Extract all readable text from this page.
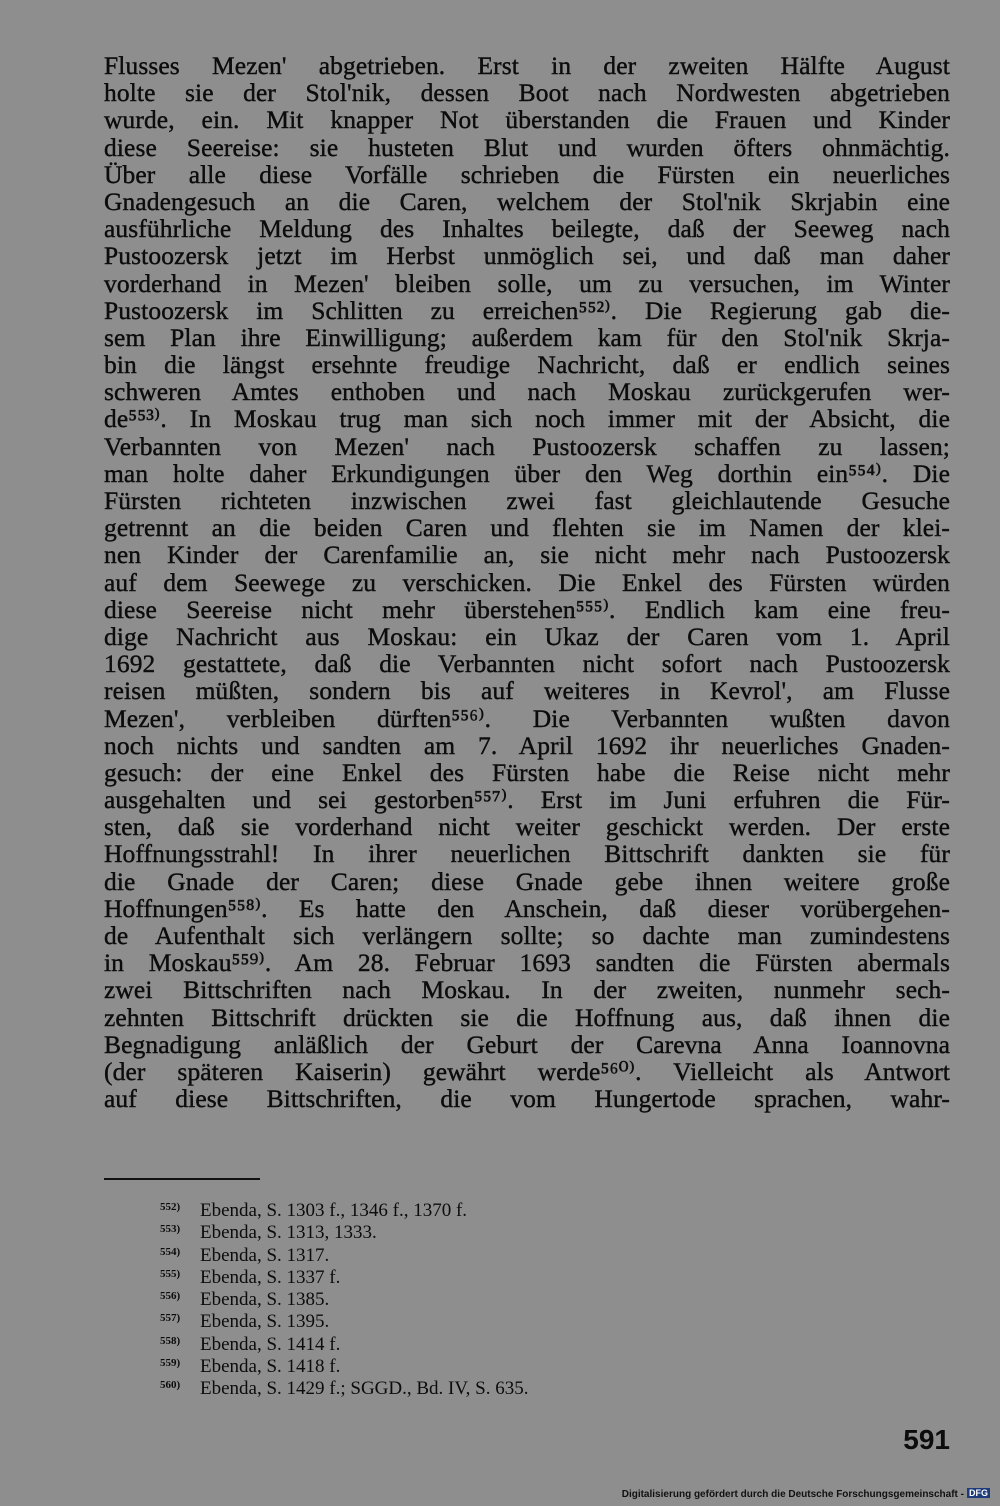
Flusses Mezen' abgetrieben. Erst in der zweiten Hälfte August
holte sie der Stol'nik, dessen Boot nach Nordwesten abgetrieben
wurde, ein. Mit knapper Not überstanden die Frauen und Kinder
diese Seereise: sie husteten Blut und wurden öfters ohnmächtig.
Über alle diese Vorfälle schrieben die Fürsten ein neuerliches
Gnadengesuch an die Caren, welchem der Stol'nik Skrjabin eine
ausführliche Meldung des Inhaltes beilegte, daß der Seeweg nach
Pustoozersk jetzt im Herbst unmöglich sei, und daß man daher
vorderhand in Mezen' bleiben solle, um zu versuchen, im Winter
Pustoozersk im Schlitten zu erreichen⁵⁵²⁾. Die Regierung gab die-
sem Plan ihre Einwilligung; außerdem kam für den Stol'nik Skrja-
bin die längst ersehnte freudige Nachricht, daß er endlich seines
schweren Amtes enthoben und nach Moskau zurückgerufen wer-
de⁵⁵³⁾. In Moskau trug man sich noch immer mit der Absicht, die
Verbannten von Mezen' nach Pustoozersk schaffen zu lassen;
man holte daher Erkundigungen über den Weg dorthin ein⁵⁵⁴⁾. Die
Fürsten richteten inzwischen zwei fast gleichlautende Gesuche
getrennt an die beiden Caren und flehten sie im Namen der klei-
nen Kinder der Carenfamilie an, sie nicht mehr nach Pustoozersk
auf dem Seewege zu verschicken. Die Enkel des Fürsten würden
diese Seereise nicht mehr überstehen⁵⁵⁵⁾. Endlich kam eine freu-
dige Nachricht aus Moskau: ein Ukaz der Caren vom 1. April
1692 gestattete, daß die Verbannten nicht sofort nach Pustoozersk
reisen müßten, sondern bis auf weiteres in Kevrol', am Flusse
Mezen', verbleiben dürften⁵⁵⁶⁾. Die Verbannten wußten davon
noch nichts und sandten am 7. April 1692 ihr neuerliches Gnaden-
gesuch: der eine Enkel des Fürsten habe die Reise nicht mehr
ausgehalten und sei gestorben⁵⁵⁷⁾. Erst im Juni erfuhren die Für-
sten, daß sie vorderhand nicht weiter geschickt werden. Der erste
Hoffnungsstrahl! In ihrer neuerlichen Bittschrift dankten sie für
die Gnade der Caren; diese Gnade gebe ihnen weitere große
Hoffnungen⁵⁵⁸⁾. Es hatte den Anschein, daß dieser vorübergehen-
de Aufenthalt sich verlängern sollte; so dachte man zumindestens
in Moskau⁵⁵⁹⁾. Am 28. Februar 1693 sandten die Fürsten abermals
zwei Bittschriften nach Moskau. In der zweiten, nunmehr sech-
zehnten Bittschrift drückten sie die Hoffnung aus, daß ihnen die
Begnadigung anläßlich der Geburt der Carevna Anna Ioannovna
(der späteren Kaiserin) gewährt werde⁵⁶⁰⁾. Vielleicht als Antwort
auf diese Bittschriften, die vom Hungertode sprachen, wahr-
552) Ebenda, S. 1303 f., 1346 f., 1370 f.
553) Ebenda, S. 1313, 1333.
554) Ebenda, S. 1317.
555) Ebenda, S. 1337 f.
556) Ebenda, S. 1385.
557) Ebenda, S. 1395.
558) Ebenda, S. 1414 f.
559) Ebenda, S. 1418 f.
560) Ebenda, S. 1429 f.; SGGD., Bd. IV, S. 635.
591
Digitalisierung gefördert durch die Deutsche Forschungsgemeinschaft - DFG
